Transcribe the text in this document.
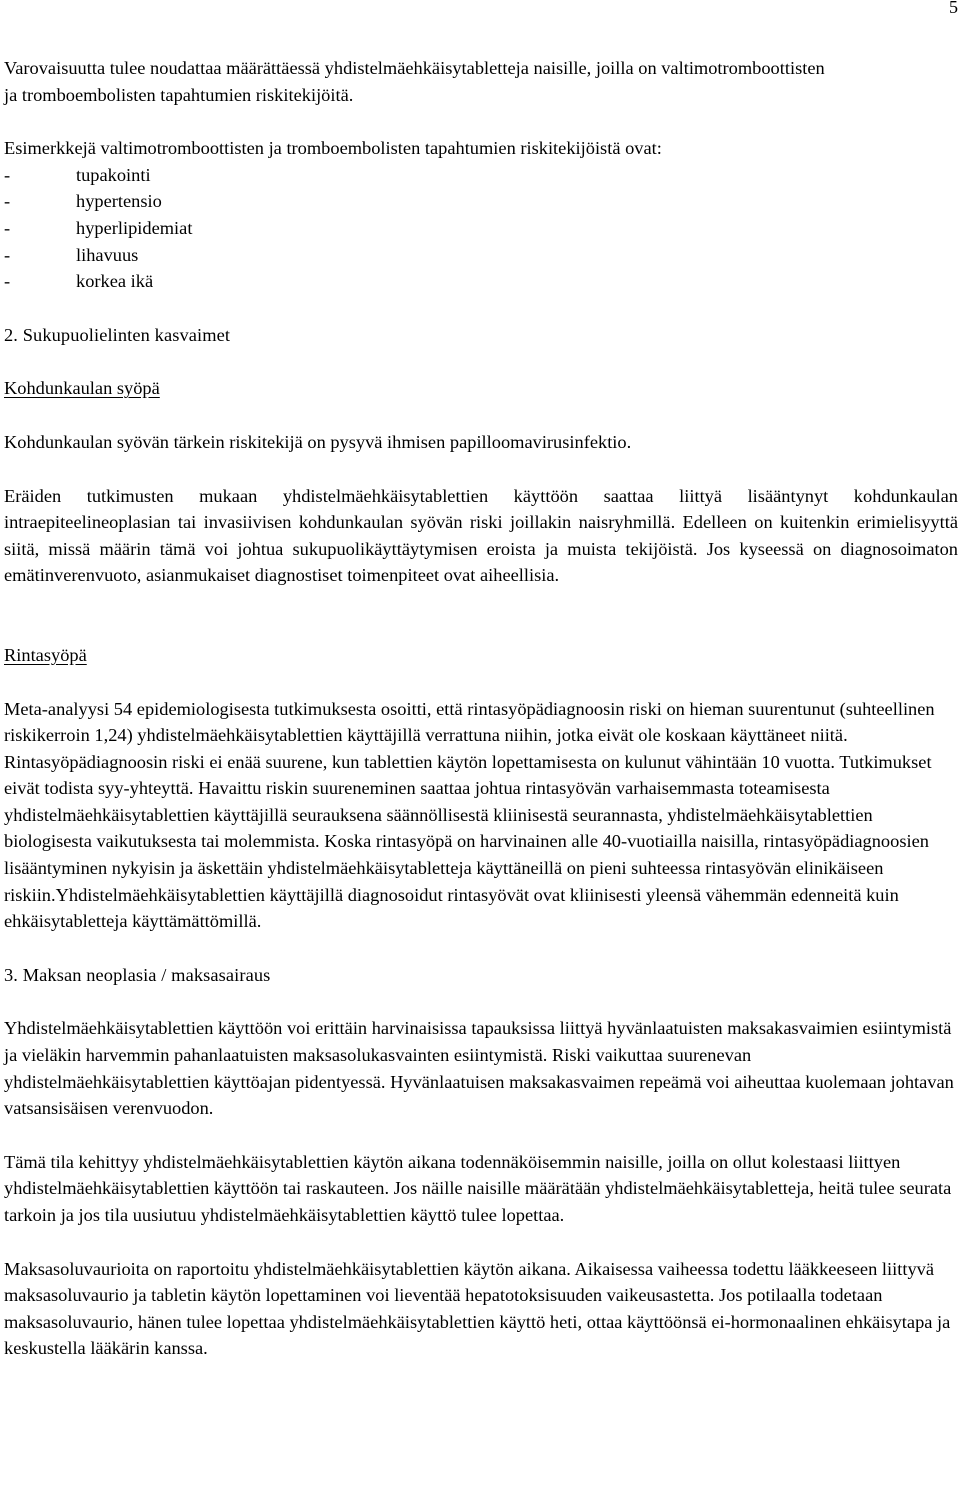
5

Varovaisuutta tulee noudattaa määrättäessä yhdistelmäehkäisytabletteja naisille, joilla on valtimotromboottisten ja tromboembolisten tapahtumien riskitekijöitä.

Esimerkkejä valtimotromboottisten ja tromboembolisten tapahtumien riskitekijöistä ovat:

-	tupakointi
-	hypertensio
-	hyperlipidemiat
-	lihavuus
-	korkea ikä

2. Sukupuolielinten kasvaimet

Kohdunkaulan syöpä

Kohdunkaulan syövän tärkein riskitekijä on pysyvä ihmisen papilloomavirusinfektio.

Eräiden tutkimusten mukaan yhdistelmäehkäisytablettien käyttöön saattaa liittyä lisääntynyt kohdunkaulan intraepiteelineoplasian tai invasiivisen kohdunkaulan syövän riski joillakin naisryhmillä. Edelleen on kuitenkin erimielisyyttä siitä, missä määrin tämä voi johtua sukupuolikäyttäytymisen eroista ja muista tekijöistä. Jos kyseessä on diagnosoimaton emätinverenvuoto, asianmukaiset diagnostiset toimenpiteet ovat aiheellisia.

Rintasyöpä

Meta-analyysi 54 epidemiologisesta tutkimuksesta osoitti, että rintasyöpädiagnoosin riski on hieman suurentunut (suhteellinen riskikerroin 1,24) yhdistelmäehkäisytablettien käyttäjillä verrattuna niihin, jotka eivät ole koskaan käyttäneet niitä. Rintasyöpädiagnoosin riski ei enää suurene, kun tablettien käytön lopettamisesta on kulunut vähintään 10 vuotta. Tutkimukset eivät todista syy-yhteyttä. Havaittu riskin suureneminen saattaa johtua rintasyövän varhaisemmasta toteamisesta yhdistelmäehkäisytablettien käyttäjillä seurauksena säännöllisestä kliinisestä seurannasta, yhdistelmäehkäisytablettien biologisesta vaikutuksesta tai molemmista. Koska rintasyöpä on harvinainen alle 40-vuotiailla naisilla, rintasyöpädiagnoosien lisääntyminen nykyisin ja äskettäin yhdistelmäehkäisytabletteja käyttäneillä on pieni suhteessa rintasyövän elinikäiseen riskiin.Yhdistelmäehkäisytablettien käyttäjillä diagnosoidut rintasyövät ovat kliinisesti yleensä vähemmän edenneitä kuin ehkäisytabletteja käyttämättömillä.

3. Maksan neoplasia / maksasairaus

Yhdistelmäehkäisytablettien käyttöön voi erittäin harvinaisissa tapauksissa liittyä hyvänlaatuisten maksakasvaimien esiintymistä ja vieläkin harvemmin pahanlaatuisten maksasolukasvainten esiintymistä. Riski vaikuttaa suurenevan yhdistelmäehkäisytablettien käyttöajan pidentyessä. Hyvänlaatuisen maksakasvaimen repeämä voi aiheuttaa kuolemaan johtavan vatsansisäisen verenvuodon.

Tämä tila kehittyy yhdistelmäehkäisytablettien käytön aikana todennäköisemmin naisille, joilla on ollut kolestaasi liittyen yhdistelmäehkäisytablettien käyttöön tai raskauteen. Jos näille naisille määrätään yhdistelmäehkäisytabletteja, heitä tulee seurata tarkoin ja jos tila uusiutuu yhdistelmäehkäisytablettien käyttö tulee lopettaa.

Maksasoluvaurioita on raportoitu yhdistelmäehkäisytablettien käytön aikana. Aikaisessa vaiheessa todettu lääkkeeseen liittyvä maksasoluvaurio ja tabletin käytön lopettaminen voi lieventää hepatotoksisuuden vaikeusastetta. Jos potilaalla todetaan maksasoluvaurio, hänen tulee lopettaa yhdistelmäehkäisytablettien käyttö heti, ottaa käyttöönsä ei-hormonaalinen ehkäisytapa ja keskustella lääkärin kanssa.
